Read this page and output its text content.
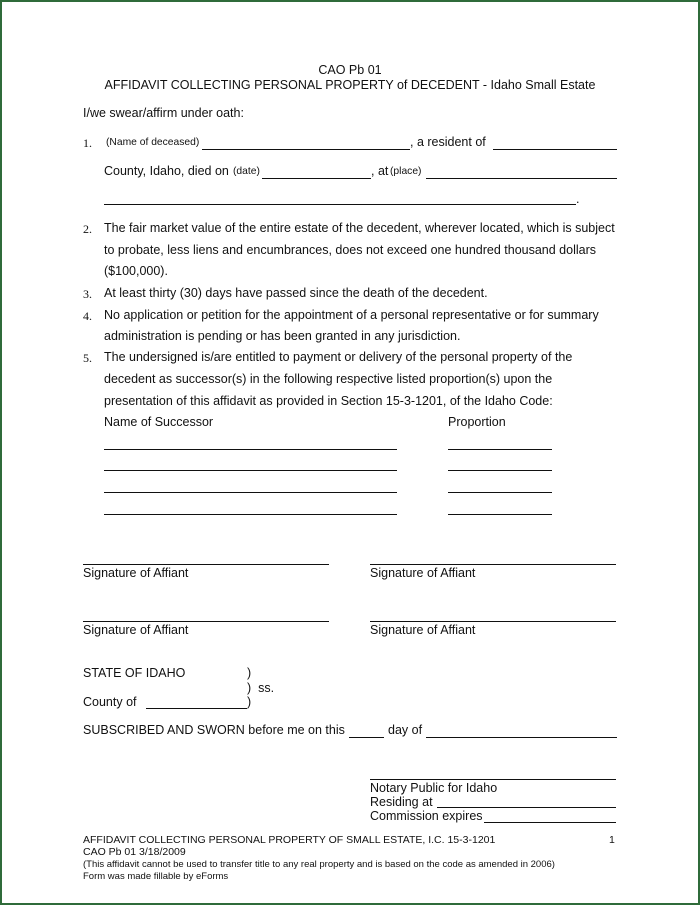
CAO Pb 01
AFFIDAVIT COLLECTING PERSONAL PROPERTY of DECEDENT - Idaho Small Estate
I/we swear/affirm under oath:
1. (Name of deceased)	, a resident of
County, Idaho, died on (date)	, at (place)
.
2. The fair market value of the entire estate of the decedent, wherever located, which is subject
to probate, less liens and encumbrances, does not exceed one hundred thousand dollars
($100,000).
3. At least thirty (30) days have passed since the death of the decedent.
4. No application or petition for the appointment of a personal representative or for summary
administration is pending or has been granted in any jurisdiction.
5. The undersigned is/are entitled to payment or delivery of the personal property of the
decedent as successor(s) in the following respective listed proportion(s) upon the
presentation of this affidavit as provided in Section 15-3-1201, of the Idaho Code:
Name of Successor	Proportion
Signature of Affiant	Signature of Affiant
Signature of Affiant	Signature of Affiant
STATE OF IDAHO	)
)  ss.
County of	)
SUBSCRIBED AND SWORN before me on this	day of
Notary Public for Idaho
Residing at
Commission expires
AFFIDAVIT COLLECTING PERSONAL PROPERTY OF SMALL ESTATE, I.C. 15-3-1201	1
CAO Pb 01 3/18/2009
(This affidavit cannot be used to transfer title to any real property and is based on the code as amended in 2006)
Form was made fillable by eForms
